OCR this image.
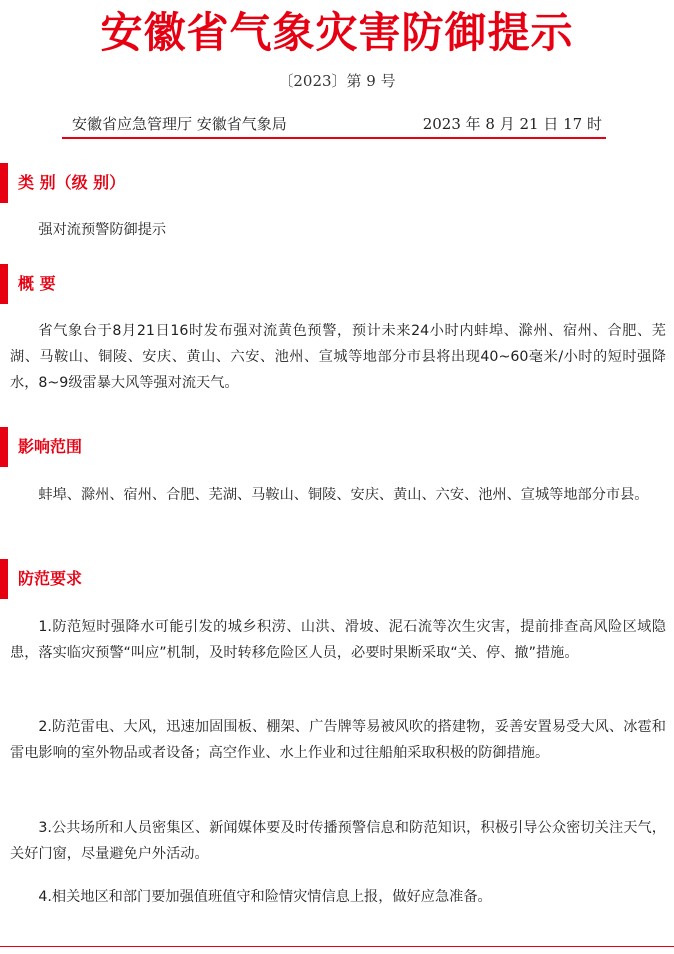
安徽省气象灾害防御提示
〔2023〕第 9 号
安徽省应急管理厅 安徽省气象局	2023 年 8 月 21 日 17 时
类 别（级 别）

强对流预警防御提示

概 要

省气象台于8月21日16时发布强对流黄色预警，预计未来24小时内蚌埠、滁州、宿州、合肥、芜湖、马鞍山、铜陵、安庆、黄山、六安、池州、宣城等地部分市县将出现40~60毫米/小时的短时强降水，8~9级雷暴大风等强对流天气。

影响范围

蚌埠、滁州、宿州、合肥、芜湖、马鞍山、铜陵、安庆、黄山、六安、池州、宣城等地部分市县。

防范要求

1.防范短时强降水可能引发的城乡积涝、山洪、滑坡、泥石流等次生灾害，提前排查高风险区域隐患，落实临灾预警“叫应”机制，及时转移危险区人员，必要时果断采取“关、停、撤”措施。

2.防范雷电、大风，迅速加固围板、棚架、广告牌等易被风吹的搭建物，妥善安置易受大风、冰雹和雷电影响的室外物品或者设备；高空作业、水上作业和过往船舶采取积极的防御措施。

3.公共场所和人员密集区、新闻媒体要及时传播预警信息和防范知识，积极引导公众密切关注天气，关好门窗，尽量避免户外活动。

4.相关地区和部门要加强值班值守和险情灾情信息上报，做好应急准备。
